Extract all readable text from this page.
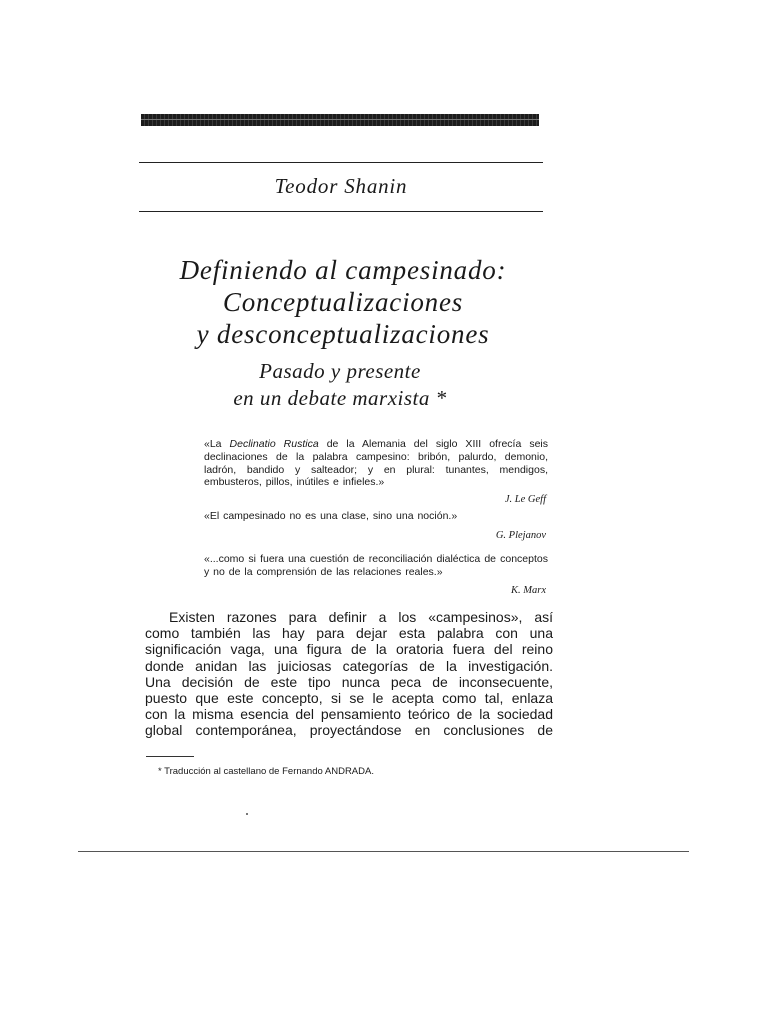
Teodor Shanin
Definiendo al campesinado:
Conceptualizaciones
y desconceptualizaciones
Pasado y presente
en un debate marxista *
«La Declinatio Rustica de la Alemania del siglo XIII ofrecía seis declinaciones de la palabra campesino: bribón, palurdo, demonio, ladrón, bandido y salteador; y en plural: tunantes, mendigos, embusteros, pillos, inútiles e infieles.»
J. Le Geff
«El campesinado no es una clase, sino una noción.»
G. Plejanov
«...como si fuera una cuestión de reconciliación dialéctica de conceptos y no de la comprensión de las relaciones reales.»
K. Marx
Existen razones para definir a los «campesinos», así
como también las hay para dejar esta palabra con una
significación vaga, una figura de la oratoria fuera del reino
donde anidan las juiciosas categorías de la investigación.
Una decisión de este tipo nunca peca de inconsecuente,
puesto que este concepto, si se le acepta como tal, enlaza
con la misma esencia del pensamiento teórico de la sociedad
global contemporánea, proyectándose en conclusiones de
* Traducción al castellano de Fernando ANDRADA.
